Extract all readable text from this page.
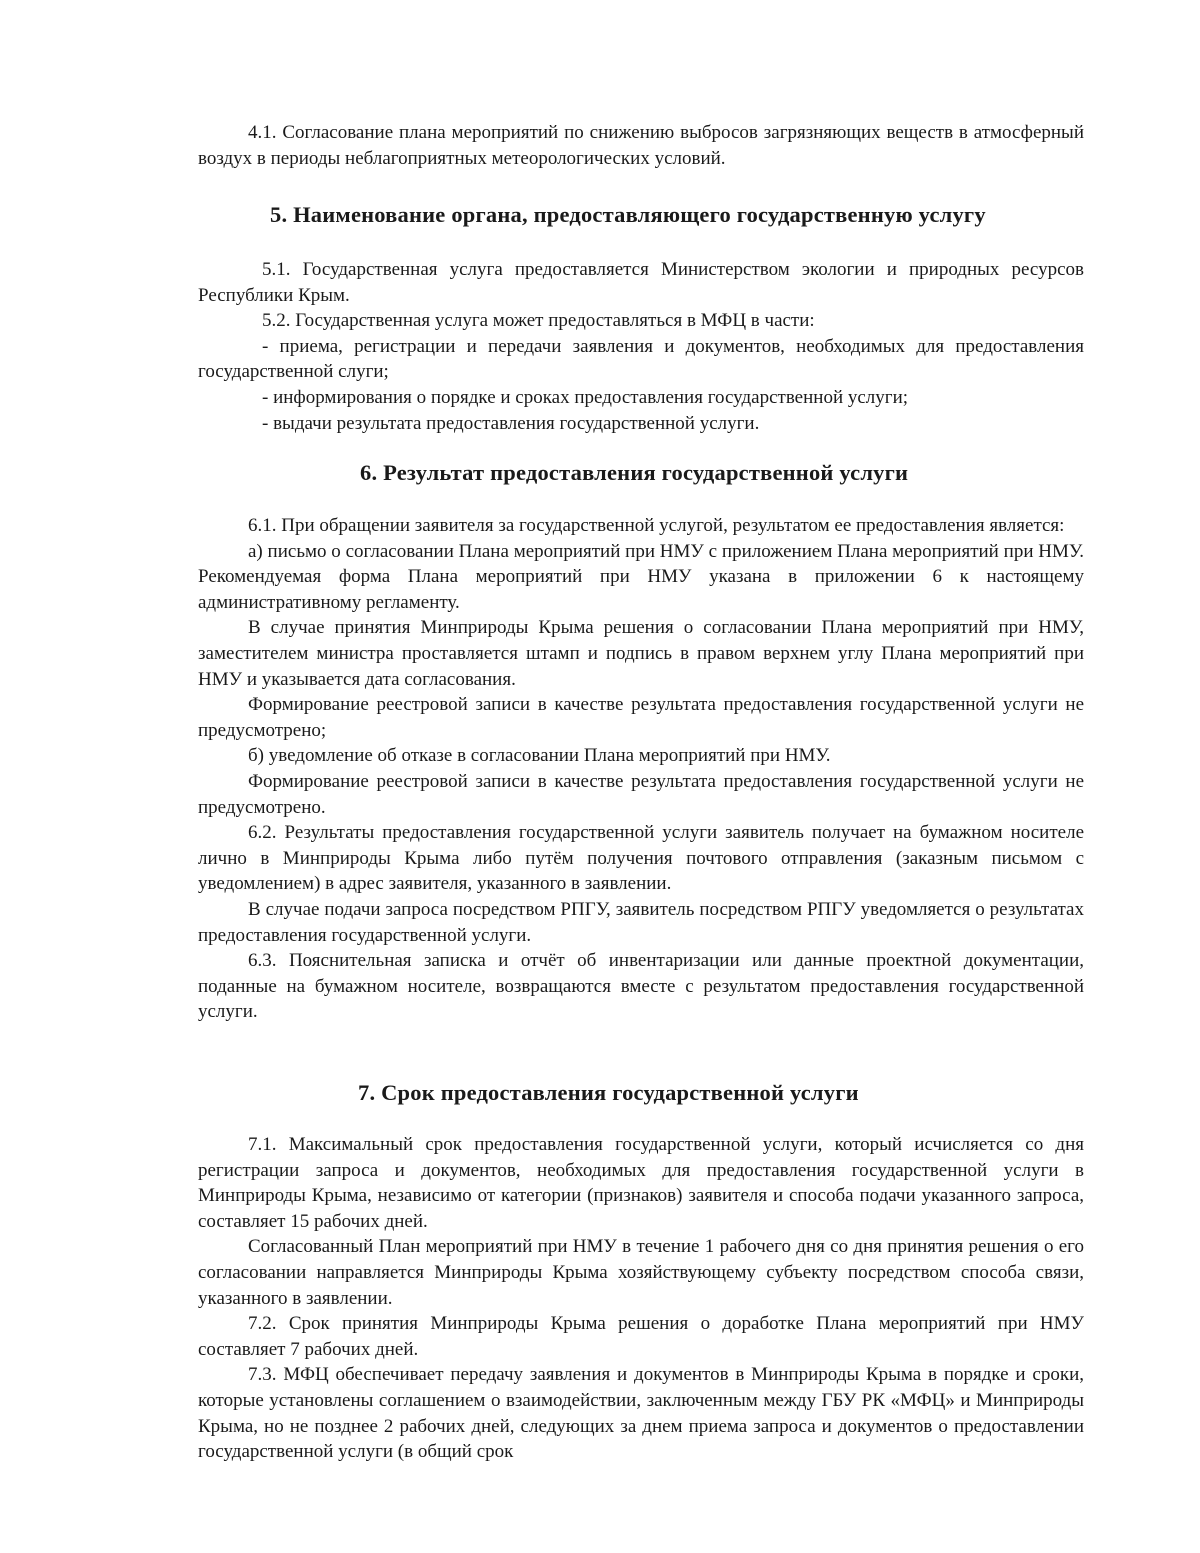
4.1. Согласование плана мероприятий по снижению выбросов загрязняющих веществ в атмосферный воздух в периоды неблагоприятных метеорологических условий.

5. Наименование органа, предоставляющего государственную услугу

5.1. Государственная услуга предоставляется Министерством экологии и природных ресурсов Республики Крым.

5.2. Государственная услуга может предоставляться в МФЦ в части:

- приема, регистрации и передачи заявления и документов, необходимых для предоставления государственной слуги;

- информирования о порядке и сроках предоставления государственной услуги;

- выдачи результата предоставления государственной услуги.

6. Результат предоставления государственной услуги

6.1. При обращении заявителя за государственной услугой, результатом ее предоставления является:

а) письмо о согласовании Плана мероприятий при НМУ с приложением Плана мероприятий при НМУ. Рекомендуемая форма Плана мероприятий при НМУ указана в приложении 6 к настоящему административному регламенту.

В случае принятия Минприроды Крыма решения о согласовании Плана мероприятий при НМУ, заместителем министра проставляется штамп и подпись в правом верхнем углу Плана мероприятий при НМУ и указывается дата согласования.

Формирование реестровой записи в качестве результата предоставления государственной услуги не предусмотрено;

б) уведомление об отказе в согласовании Плана мероприятий при НМУ.

Формирование реестровой записи в качестве результата предоставления государственной услуги не предусмотрено.

6.2. Результаты предоставления государственной услуги заявитель получает на бумажном носителе лично в Минприроды Крыма либо путём получения почтового отправления (заказным письмом с уведомлением) в адрес заявителя, указанного в заявлении.

В случае подачи запроса посредством РПГУ, заявитель посредством РПГУ уведомляется о результатах предоставления государственной услуги.

6.3. Пояснительная записка и отчёт об инвентаризации или данные проектной документации, поданные на бумажном носителе, возвращаются вместе с результатом предоставления государственной услуги.

7. Срок предоставления государственной услуги

7.1. Максимальный срок предоставления государственной услуги, который исчисляется со дня регистрации запроса и документов, необходимых для предоставления государственной услуги в Минприроды Крыма, независимо от категории (признаков) заявителя и способа подачи указанного запроса, составляет 15 рабочих дней.

Согласованный План мероприятий при НМУ в течение 1 рабочего дня со дня принятия решения о его согласовании направляется Минприроды Крыма хозяйствующему субъекту посредством способа связи, указанного в заявлении.

7.2. Срок принятия Минприроды Крыма решения о доработке Плана мероприятий при НМУ составляет 7 рабочих дней.

7.3. МФЦ обеспечивает передачу заявления и документов в Минприроды Крыма в порядке и сроки, которые установлены соглашением о взаимодействии, заключенным между ГБУ РК «МФЦ» и Минприроды Крыма, но не позднее 2 рабочих дней, следующих за днем приема запроса и документов о предоставлении государственной услуги (в общий срок
